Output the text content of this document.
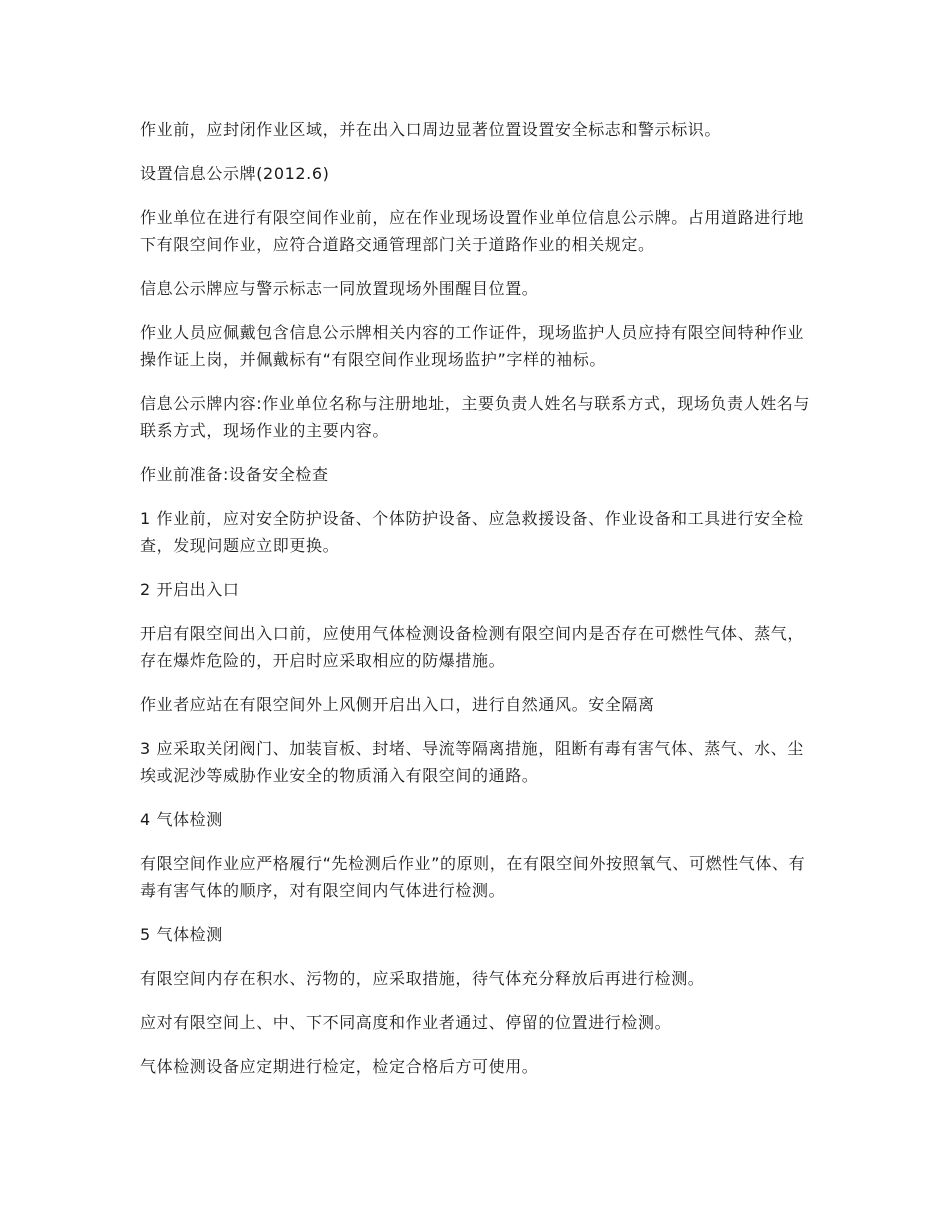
作业前，应封闭作业区域，并在出入口周边显著位置设置安全标志和警示标识。

设置信息公示牌(2012.6)

作业单位在进行有限空间作业前，应在作业现场设置作业单位信息公示牌。占用道路进行地下有限空间作业，应符合道路交通管理部门关于道路作业的相关规定。

信息公示牌应与警示标志一同放置现场外围醒目位置。

作业人员应佩戴包含信息公示牌相关内容的工作证件，现场监护人员应持有限空间特种作业操作证上岗，并佩戴标有“有限空间作业现场监护”字样的袖标。

信息公示牌内容:作业单位名称与注册地址，主要负责人姓名与联系方式，现场负责人姓名与联系方式，现场作业的主要内容。

作业前准备:设备安全检查

1 作业前，应对安全防护设备、个体防护设备、应急救援设备、作业设备和工具进行安全检查，发现问题应立即更换。

2 开启出入口

开启有限空间出入口前，应使用气体检测设备检测有限空间内是否存在可燃性气体、蒸气，存在爆炸危险的，开启时应采取相应的防爆措施。

作业者应站在有限空间外上风侧开启出入口，进行自然通风。安全隔离

3 应采取关闭阀门、加装盲板、封堵、导流等隔离措施，阻断有毒有害气体、蒸气、水、尘埃或泥沙等威胁作业安全的物质涌入有限空间的通路。

4 气体检测

有限空间作业应严格履行“先检测后作业”的原则，在有限空间外按照氧气、可燃性气体、有毒有害气体的顺序，对有限空间内气体进行检测。

5 气体检测

有限空间内存在积水、污物的，应采取措施，待气体充分释放后再进行检测。

应对有限空间上、中、下不同高度和作业者通过、停留的位置进行检测。

气体检测设备应定期进行检定，检定合格后方可使用。
